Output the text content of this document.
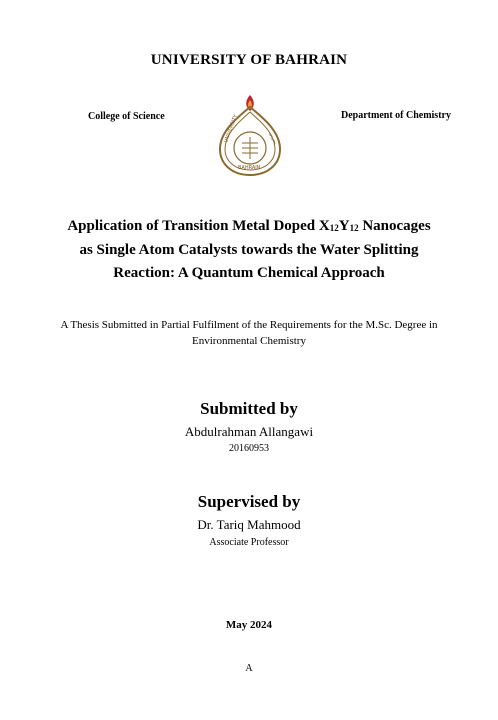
UNIVERSITY OF BAHRAIN
College of Science	Department of Chemistry
UNIVERSITY	بحرين
BAHRAIN
Application of Transition Metal Doped $X_{12}Y_{12}$ Nanocages as Single Atom Catalysts towards the Water Splitting Reaction: A Quantum Chemical Approach
A Thesis Submitted in Partial Fulfilment of the Requirements for the M.Sc. Degree in Environmental Chemistry
Submitted by
Abdulrahman Allangawi
20160953
Supervised by
Dr. Tariq Mahmood
Associate Professor
May 2024
A
